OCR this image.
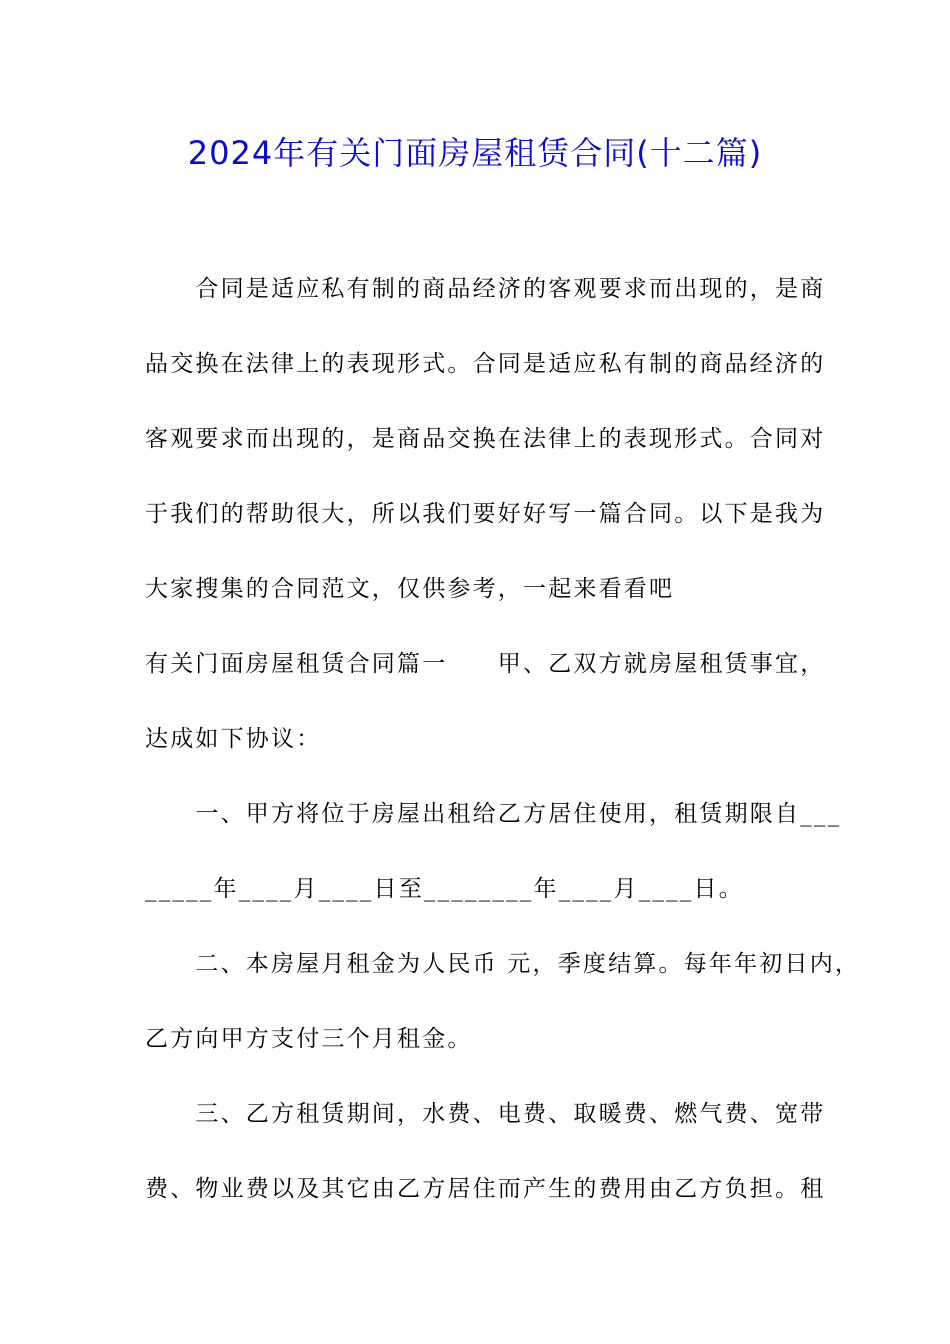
2024年有关门面房屋租赁合同(十二篇)
　　合同是适应私有制的商品经济的客观要求而出现的，是商
品交换在法律上的表现形式。合同是适应私有制的商品经济的
客观要求而出现的，是商品交换在法律上的表现形式。合同对
于我们的帮助很大，所以我们要好好写一篇合同。以下是我为
大家搜集的合同范文，仅供参考，一起来看看吧
有关门面房屋租赁合同篇一　　甲、乙双方就房屋租赁事宜，
达成如下协议：
　　一、甲方将位于房屋出租给乙方居住使用，租赁期限自___
_____年____月____日至________年____月____日。
　　二、本房屋月租金为人民币 元，季度结算。每年年初日内，
乙方向甲方支付三个月租金。
　　三、乙方租赁期间，水费、电费、取暖费、燃气费、宽带
费、物业费以及其它由乙方居住而产生的费用由乙方负担。租
